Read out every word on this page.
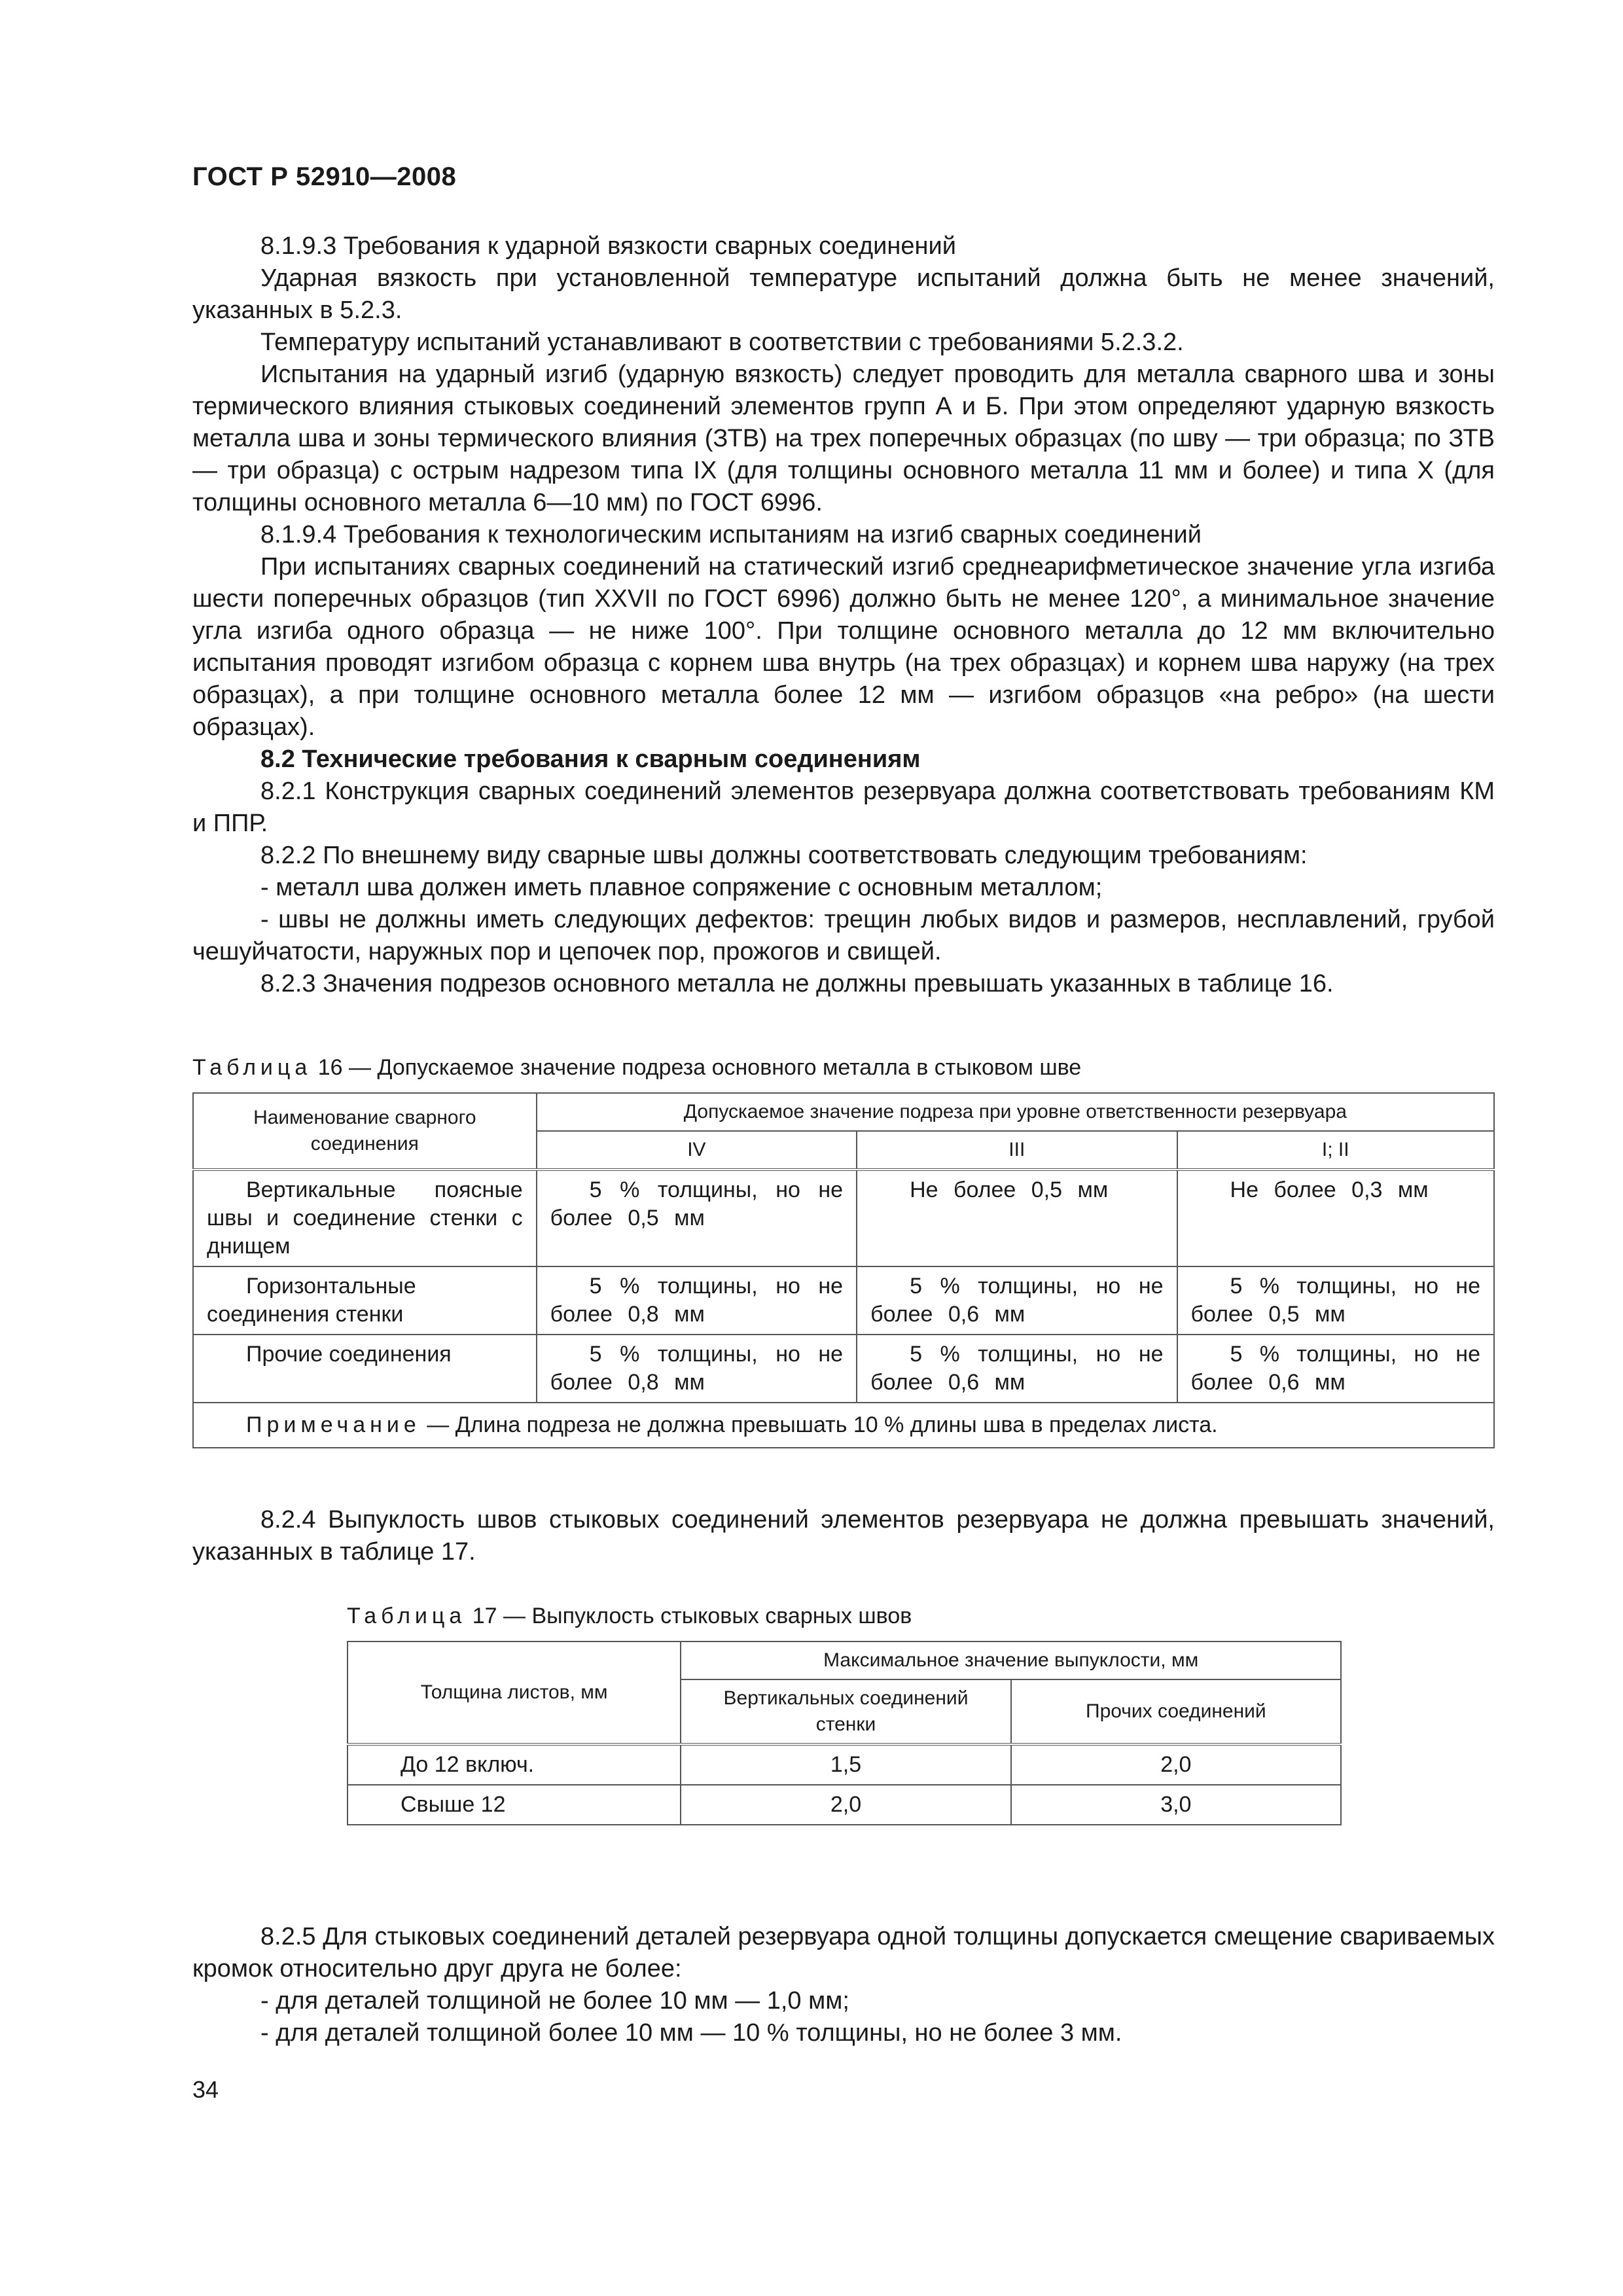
ГОСТ Р 52910—2008

8.1.9.3 Требования к ударной вязкости сварных соединений

Ударная вязкость при установленной температуре испытаний должна быть не менее значений, указанных в 5.2.3.

Температуру испытаний устанавливают в соответствии с требованиями 5.2.3.2.

Испытания на ударный изгиб (ударную вязкость) следует проводить для металла сварного шва и зоны термического влияния стыковых соединений элементов групп А и Б. При этом определяют ударную вязкость металла шва и зоны термического влияния (ЗТВ) на трех поперечных образцах (по шву — три образца; по ЗТВ — три образца) с острым надрезом типа IX (для толщины основного металла 11 мм и более) и типа X (для толщины основного металла 6—10 мм) по ГОСТ 6996.

8.1.9.4 Требования к технологическим испытаниям на изгиб сварных соединений

При испытаниях сварных соединений на статический изгиб среднеарифметическое значение угла изгиба шести поперечных образцов (тип XXVII по ГОСТ 6996) должно быть не менее 120°, а минимальное значение угла изгиба одного образца — не ниже 100°. При толщине основного металла до 12 мм включительно испытания проводят изгибом образца с корнем шва внутрь (на трех образцах) и корнем шва наружу (на трех образцах), а при толщине основного металла более 12 мм — изгибом образцов «на ребро» (на шести образцах).

8.2 Технические требования к сварным соединениям

8.2.1 Конструкция сварных соединений элементов резервуара должна соответствовать требованиям КМ и ППР.

8.2.2 По внешнему виду сварные швы должны соответствовать следующим требованиям:

- металл шва должен иметь плавное сопряжение с основным металлом;

- швы не должны иметь следующих дефектов: трещин любых видов и размеров, несплавлений, грубой чешуйчатости, наружных пор и цепочек пор, прожогов и свищей.

8.2.3 Значения подрезов основного металла не должны превышать указанных в таблице 16.

Таблица 16 — Допускаемое значение подреза основного металла в стыковом шве

Наименование сварного соединения	Допускаемое значение подреза при уровне ответственности резервуара		
	IV	III	I; II
Вертикальные поясные швы и соединение стенки с днищем	5 % толщины, но не более 0,5 мм	Не более 0,5 мм	Не более 0,3 мм
Горизонтальные соединения стенки	5 % толщины, но не более 0,8 мм	5 % толщины, но не более 0,6 мм	5 % толщины, но не более 0,5 мм
Прочие соединения	5 % толщины, но не более 0,8 мм	5 % толщины, но не более 0,6 мм	5 % толщины, но не более 0,6 мм
Примечание — Длина подреза не должна превышать 10 % длины шва в пределах листа.			

8.2.4 Выпуклость швов стыковых соединений элементов резервуара не должна превышать значений, указанных в таблице 17.

Таблица 17 — Выпуклость стыковых сварных швов

Толщина листов, мм	Максимальное значение выпуклости, мм	
	Вертикальных соединений стенки	Прочих соединений
До 12 включ.	1,5	2,0
Свыше 12	2,0	3,0

8.2.5 Для стыковых соединений деталей резервуара одной толщины допускается смещение свариваемых кромок относительно друг друга не более:

- для деталей толщиной не более 10 мм — 1,0 мм;

- для деталей толщиной более 10 мм — 10 % толщины, но не более 3 мм.

34
